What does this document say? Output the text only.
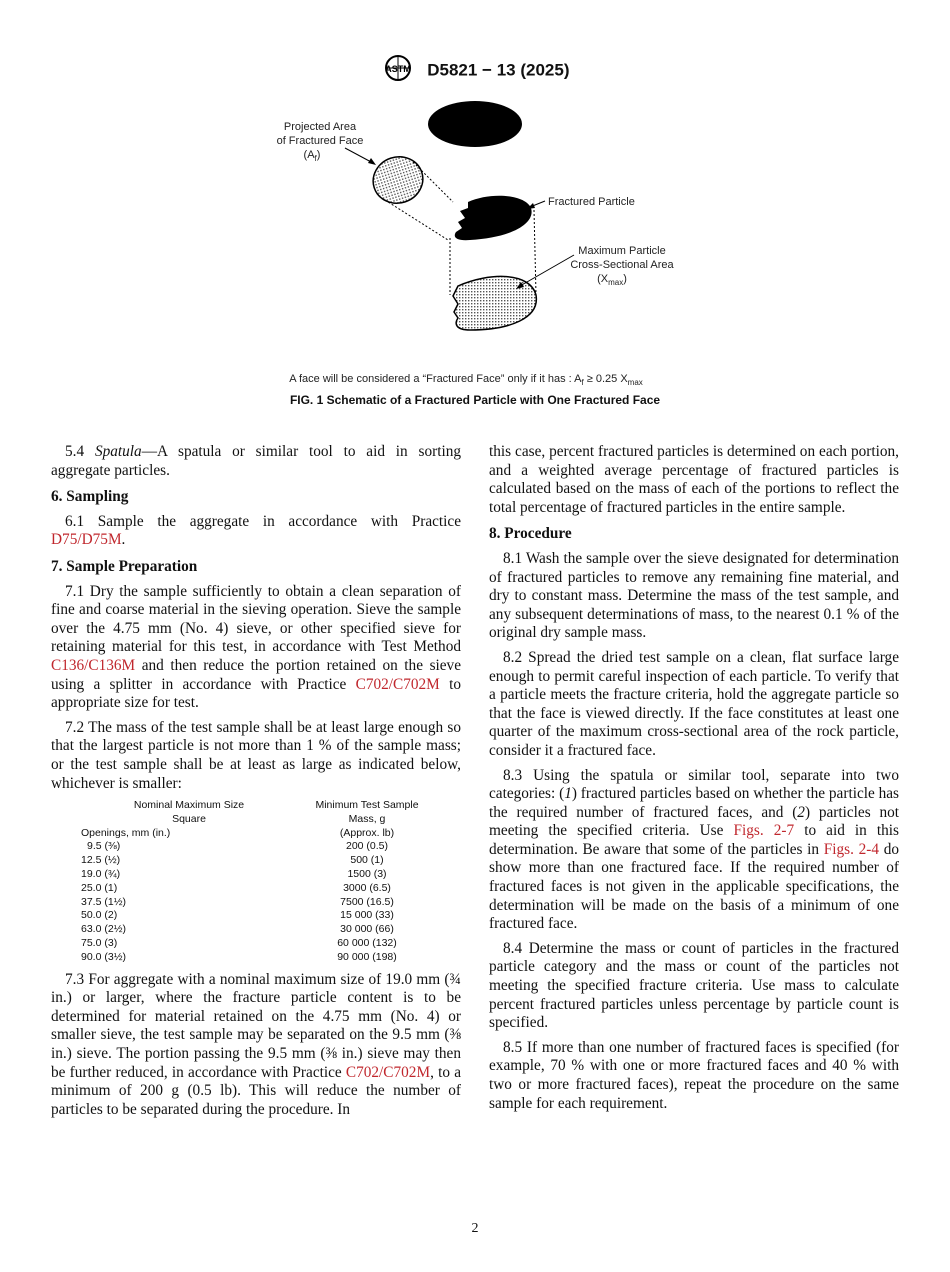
ASTM D5821 − 13 (2025)
Projected Area
of Fractured Face
$(A_f)$
Fractured Particle
Maximum Particle
Cross-Sectional Area
$(X_{max})$
A face will be considered a “Fractured Face” only if it has : $A_f \ge 0.25$ $X_{max}$
FIG. 1 Schematic of a Fractured Particle with One Fractured Face

5.4 Spatula—A spatula or similar tool to aid in sorting aggregate particles.

6. Sampling

6.1 Sample the aggregate in accordance with Practice D75/D75M.

7. Sample Preparation

7.1 Dry the sample sufficiently to obtain a clean separation of fine and coarse material in the sieving operation. Sieve the sample over the 4.75 mm (No. 4) sieve, or other specified sieve for retaining material for this test, in accordance with Test Method C136/C136M and then reduce the portion retained on the sieve using a splitter in accordance with Practice C702/C702M to appropriate size for test.

7.2 The mass of the test sample shall be at least large enough so that the largest particle is not more than 1 % of the sample mass; or the test sample shall be at least as large as indicated below, whichever is smaller:

Nominal Maximum Size	Minimum Test Sample
Square	Mass, g
Openings, mm (in.)	(Approx. lb)
9.5 (⅜)	200 (0.5)
12.5 (½)	500 (1)
19.0 (¾)	1500 (3)
25.0 (1)	3000 (6.5)
37.5 (1½)	7500 (16.5)
50.0 (2)	15 000 (33)
63.0 (2½)	30 000 (66)
75.0 (3)	60 000 (132)
90.0 (3½)	90 000 (198)

7.3 For aggregate with a nominal maximum size of 19.0 mm (¾ in.) or larger, where the fracture particle content is to be determined for material retained on the 4.75 mm (No. 4) or smaller sieve, the test sample may be separated on the 9.5 mm (⅜ in.) sieve. The portion passing the 9.5 mm (⅜ in.) sieve may then be further reduced, in accordance with Practice C702/C702M, to a minimum of 200 g (0.5 lb). This will reduce the number of particles to be separated during the procedure. In

this case, percent fractured particles is determined on each portion, and a weighted average percentage of fractured particles is calculated based on the mass of each of the portions to reflect the total percentage of fractured particles in the entire sample.

8. Procedure

8.1 Wash the sample over the sieve designated for determination of fractured particles to remove any remaining fine material, and dry to constant mass. Determine the mass of the test sample, and any subsequent determinations of mass, to the nearest 0.1 % of the original dry sample mass.

8.2 Spread the dried test sample on a clean, flat surface large enough to permit careful inspection of each particle. To verify that a particle meets the fracture criteria, hold the aggregate particle so that the face is viewed directly. If the face constitutes at least one quarter of the maximum cross-sectional area of the rock particle, consider it a fractured face.

8.3 Using the spatula or similar tool, separate into two categories: (1) fractured particles based on whether the particle has the required number of fractured faces, and (2) particles not meeting the specified criteria. Use Figs. 2-7 to aid in this determination. Be aware that some of the particles in Figs. 2-4 do show more than one fractured face. If the required number of fractured faces is not given in the applicable specifications, the determination will be made on the basis of a minimum of one fractured face.

8.4 Determine the mass or count of particles in the fractured particle category and the mass or count of the particles not meeting the specified fracture criteria. Use mass to calculate percent fractured particles unless percentage by particle count is specified.

8.5 If more than one number of fractured faces is specified (for example, 70 % with one or more fractured faces and 40 % with two or more fractured faces), repeat the procedure on the same sample for each requirement.

2
